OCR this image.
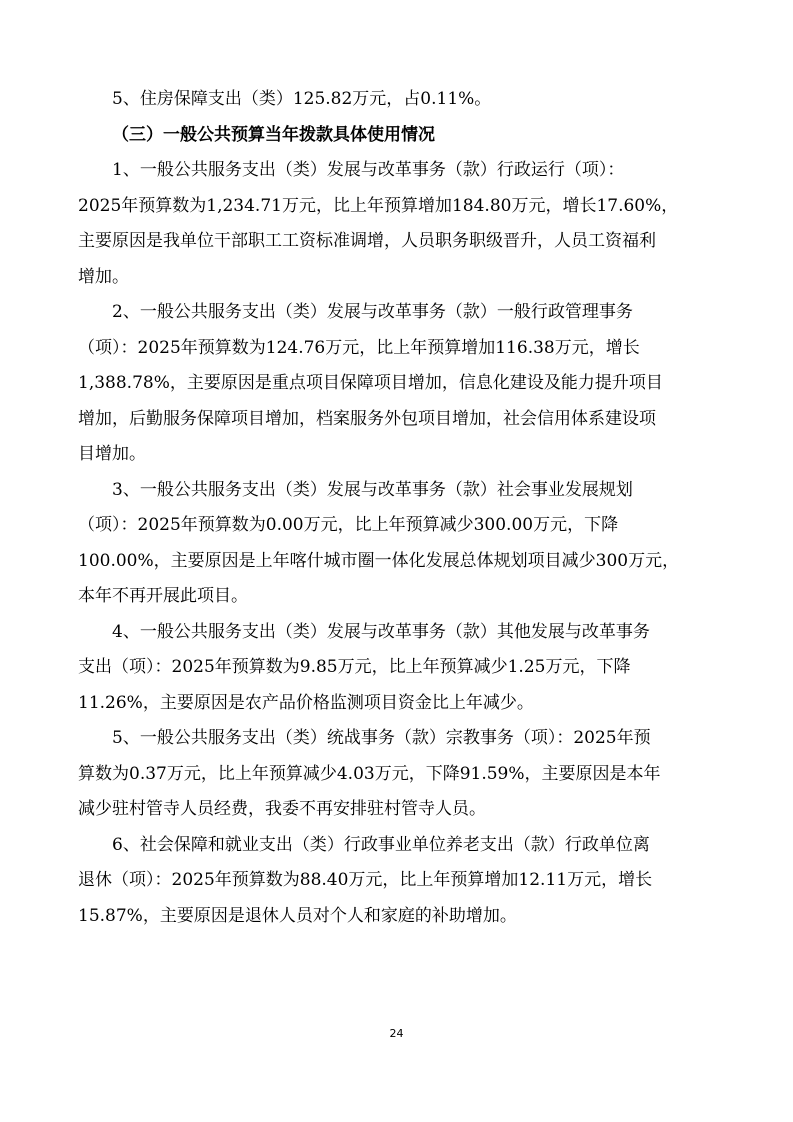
5、住房保障支出（类）125.82万元，占0.11%。
（三）一般公共预算当年拨款具体使用情况
1、一般公共服务支出（类）发展与改革事务（款）行政运行（项）：
2025年预算数为1,234.71万元，比上年预算增加184.80万元，增长17.60%，
主要原因是我单位干部职工工资标准调增，人员职务职级晋升，人员工资福利
增加。
2、一般公共服务支出（类）发展与改革事务（款）一般行政管理事务
（项）：2025年预算数为124.76万元，比上年预算增加116.38万元，增长
1,388.78%，主要原因是重点项目保障项目增加，信息化建设及能力提升项目
增加，后勤服务保障项目增加，档案服务外包项目增加，社会信用体系建设项
目增加。
3、一般公共服务支出（类）发展与改革事务（款）社会事业发展规划
（项）：2025年预算数为0.00万元，比上年预算减少300.00万元，下降
100.00%，主要原因是上年喀什城市圈一体化发展总体规划项目减少300万元，
本年不再开展此项目。
4、一般公共服务支出（类）发展与改革事务（款）其他发展与改革事务
支出（项）：2025年预算数为9.85万元，比上年预算减少1.25万元，下降
11.26%，主要原因是农产品价格监测项目资金比上年减少。
5、一般公共服务支出（类）统战事务（款）宗教事务（项）：2025年预
算数为0.37万元，比上年预算减少4.03万元，下降91.59%，主要原因是本年
减少驻村管寺人员经费，我委不再安排驻村管寺人员。
6、社会保障和就业支出（类）行政事业单位养老支出（款）行政单位离
退休（项）：2025年预算数为88.40万元，比上年预算增加12.11万元，增长
15.87%，主要原因是退休人员对个人和家庭的补助增加。
24
